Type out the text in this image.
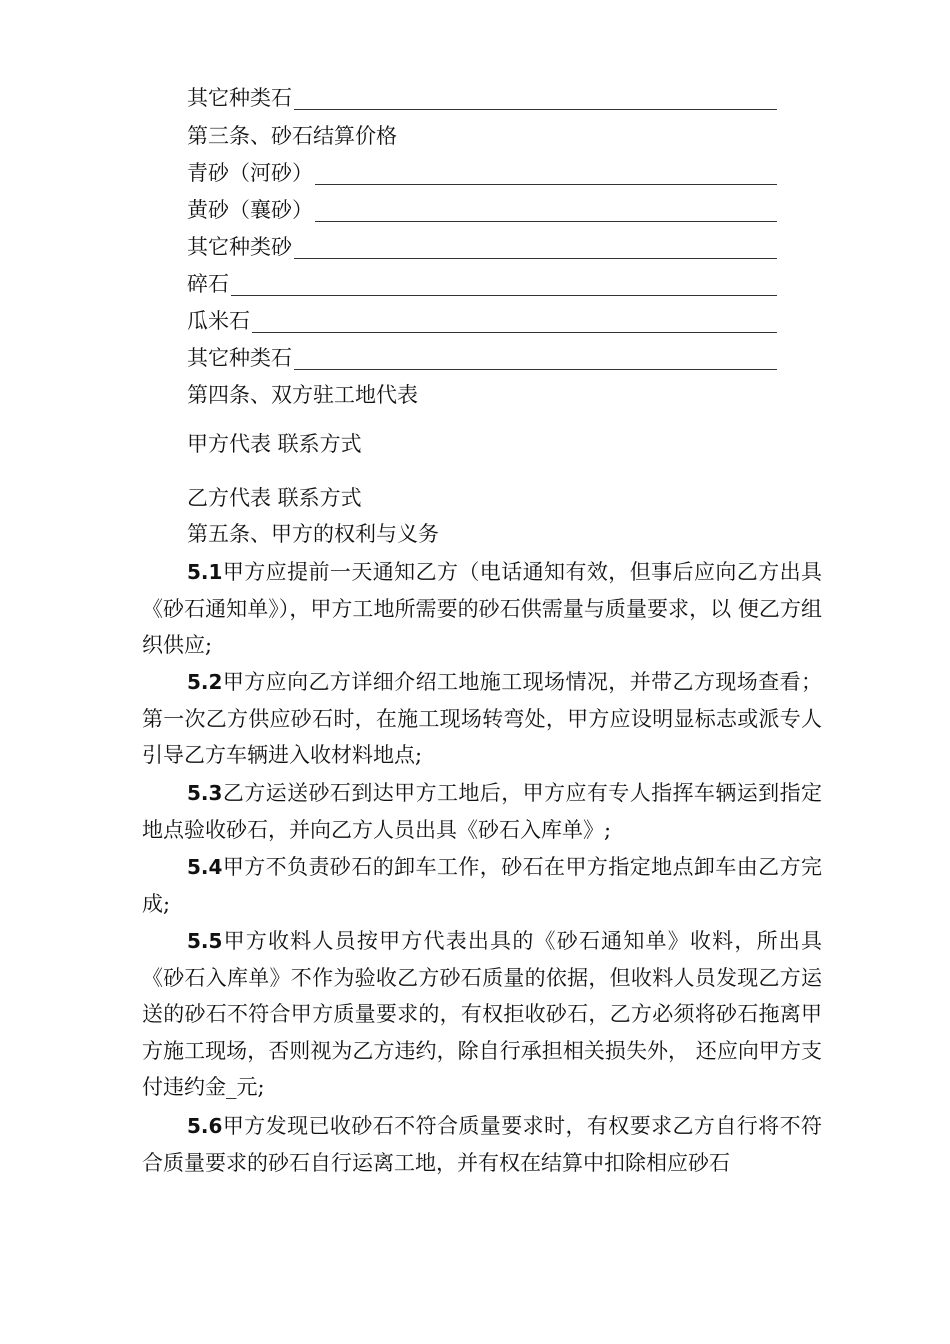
其它种类石
第三条、砂石结算价格
青砂（河砂）
黄砂（襄砂）
其它种类砂
碎石
瓜米石
其它种类石
第四条、双方驻工地代表
甲方代表 联系方式
乙方代表 联系方式
第五条、甲方的权利与义务
5.1甲方应提前一天通知乙方（电话通知有效，但事后应向乙方出具《砂石通知单》），甲方工地所需要的砂石供需量与质量要求，以 便乙方组织供应;
5.2甲方应向乙方详细介绍工地施工现场情况，并带乙方现场查看；第一次乙方供应砂石时，在施工现场转弯处，甲方应设明显标志或派专人引导乙方车辆进入收材料地点;
5.3乙方运送砂石到达甲方工地后，甲方应有专人指挥车辆运到指定地点验收砂石，并向乙方人员出具《砂石入库单》;
5.4甲方不负责砂石的卸车工作，砂石在甲方指定地点卸车由乙方完成;
5.5甲方收料人员按甲方代表出具的《砂石通知单》收料，所出具《砂石入库单》不作为验收乙方砂石质量的依据，但收料人员发现乙方运送的砂石不符合甲方质量要求的，有权拒收砂石，乙方必须将砂石拖离甲方施工现场，否则视为乙方违约，除自行承担相关损失外， 还应向甲方支付违约金_元;
5.6甲方发现已收砂石不符合质量要求时，有权要求乙方自行将不符合质量要求的砂石自行运离工地，并有权在结算中扣除相应砂石
